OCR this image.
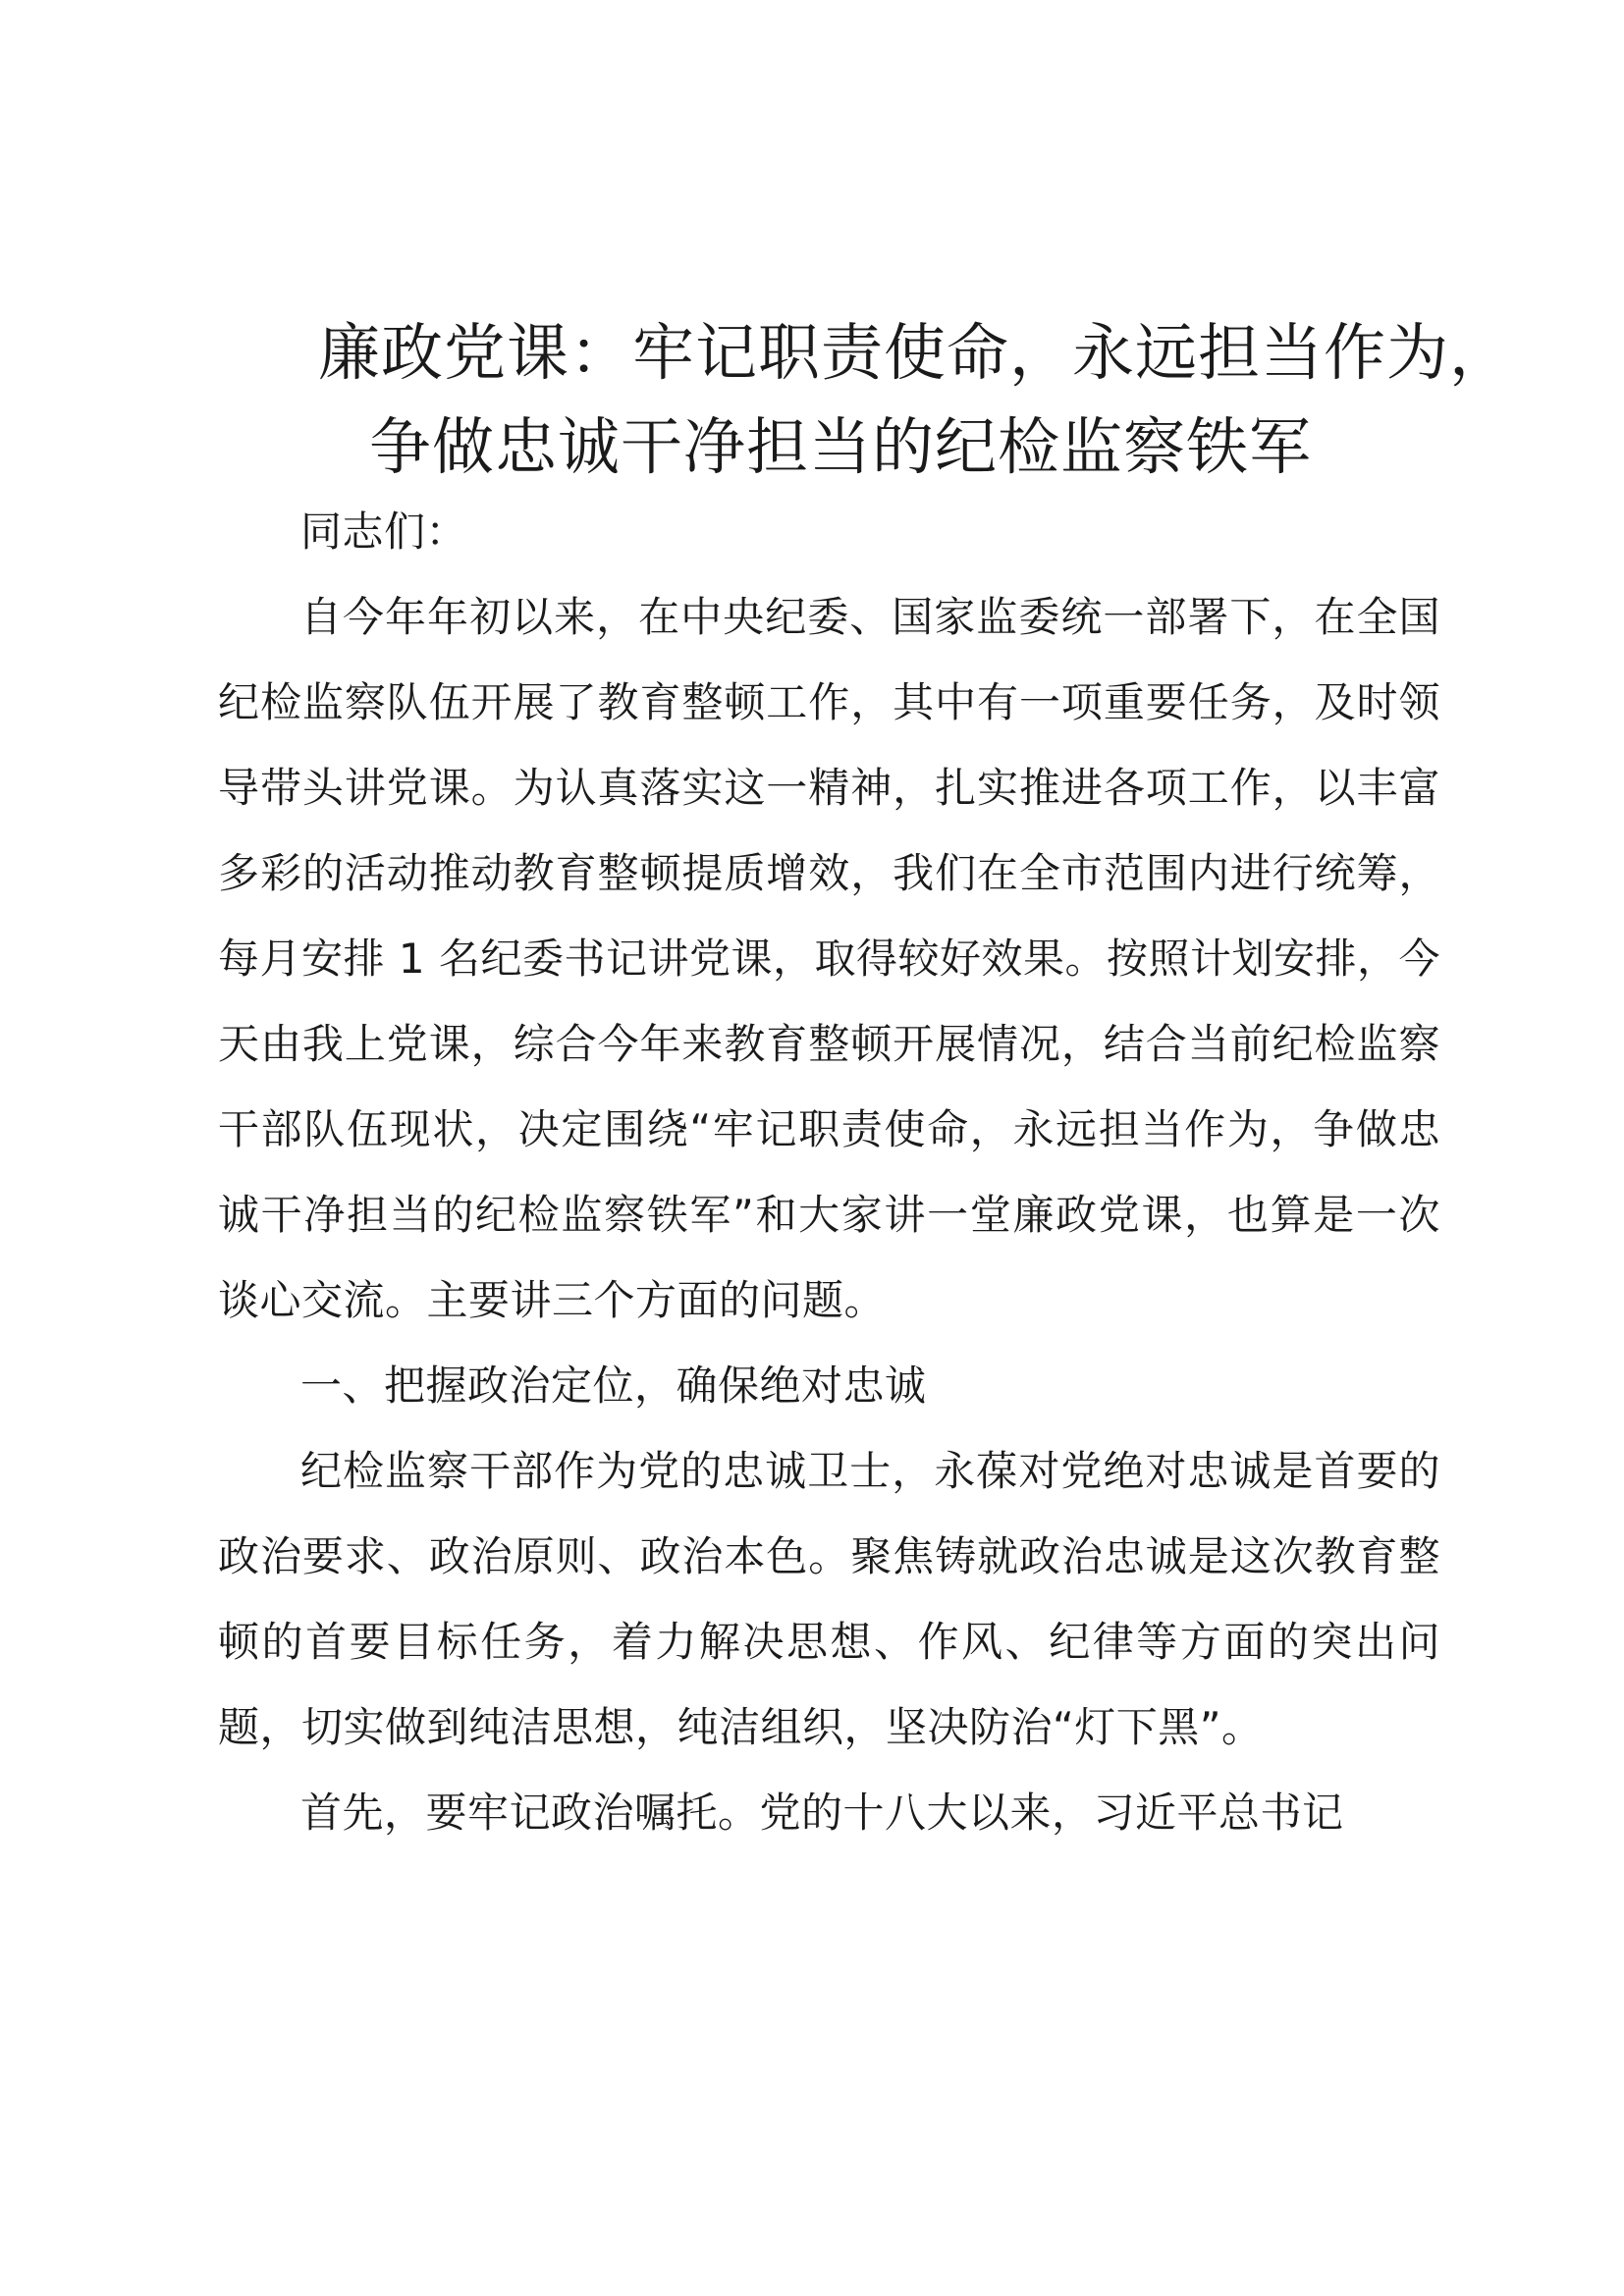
廉政党课：牢记职责使命，永远担当作为，
争做忠诚干净担当的纪检监察铁军

同志们：

自今年年初以来，在中央纪委、国家监委统一部署下，在全国纪检监察队伍开展了教育整顿工作，其中有一项重要任务，及时领导带头讲党课。为认真落实这一精神，扎实推进各项工作，以丰富多彩的活动推动教育整顿提质增效，我们在全市范围内进行统筹，每月安排 1 名纪委书记讲党课，取得较好效果。按照计划安排，今天由我上党课，综合今年来教育整顿开展情况，结合当前纪检监察干部队伍现状，决定围绕“牢记职责使命，永远担当作为，争做忠诚干净担当的纪检监察铁军”和大家讲一堂廉政党课，也算是一次谈心交流。主要讲三个方面的问题。

一、把握政治定位，确保绝对忠诚

纪检监察干部作为党的忠诚卫士，永葆对党绝对忠诚是首要的政治要求、政治原则、政治本色。聚焦铸就政治忠诚是这次教育整顿的首要目标任务，着力解决思想、作风、纪律等方面的突出问题，切实做到纯洁思想，纯洁组织，坚决防治“灯下黑”。

首先，要牢记政治嘱托。党的十八大以来，习近平总书记
